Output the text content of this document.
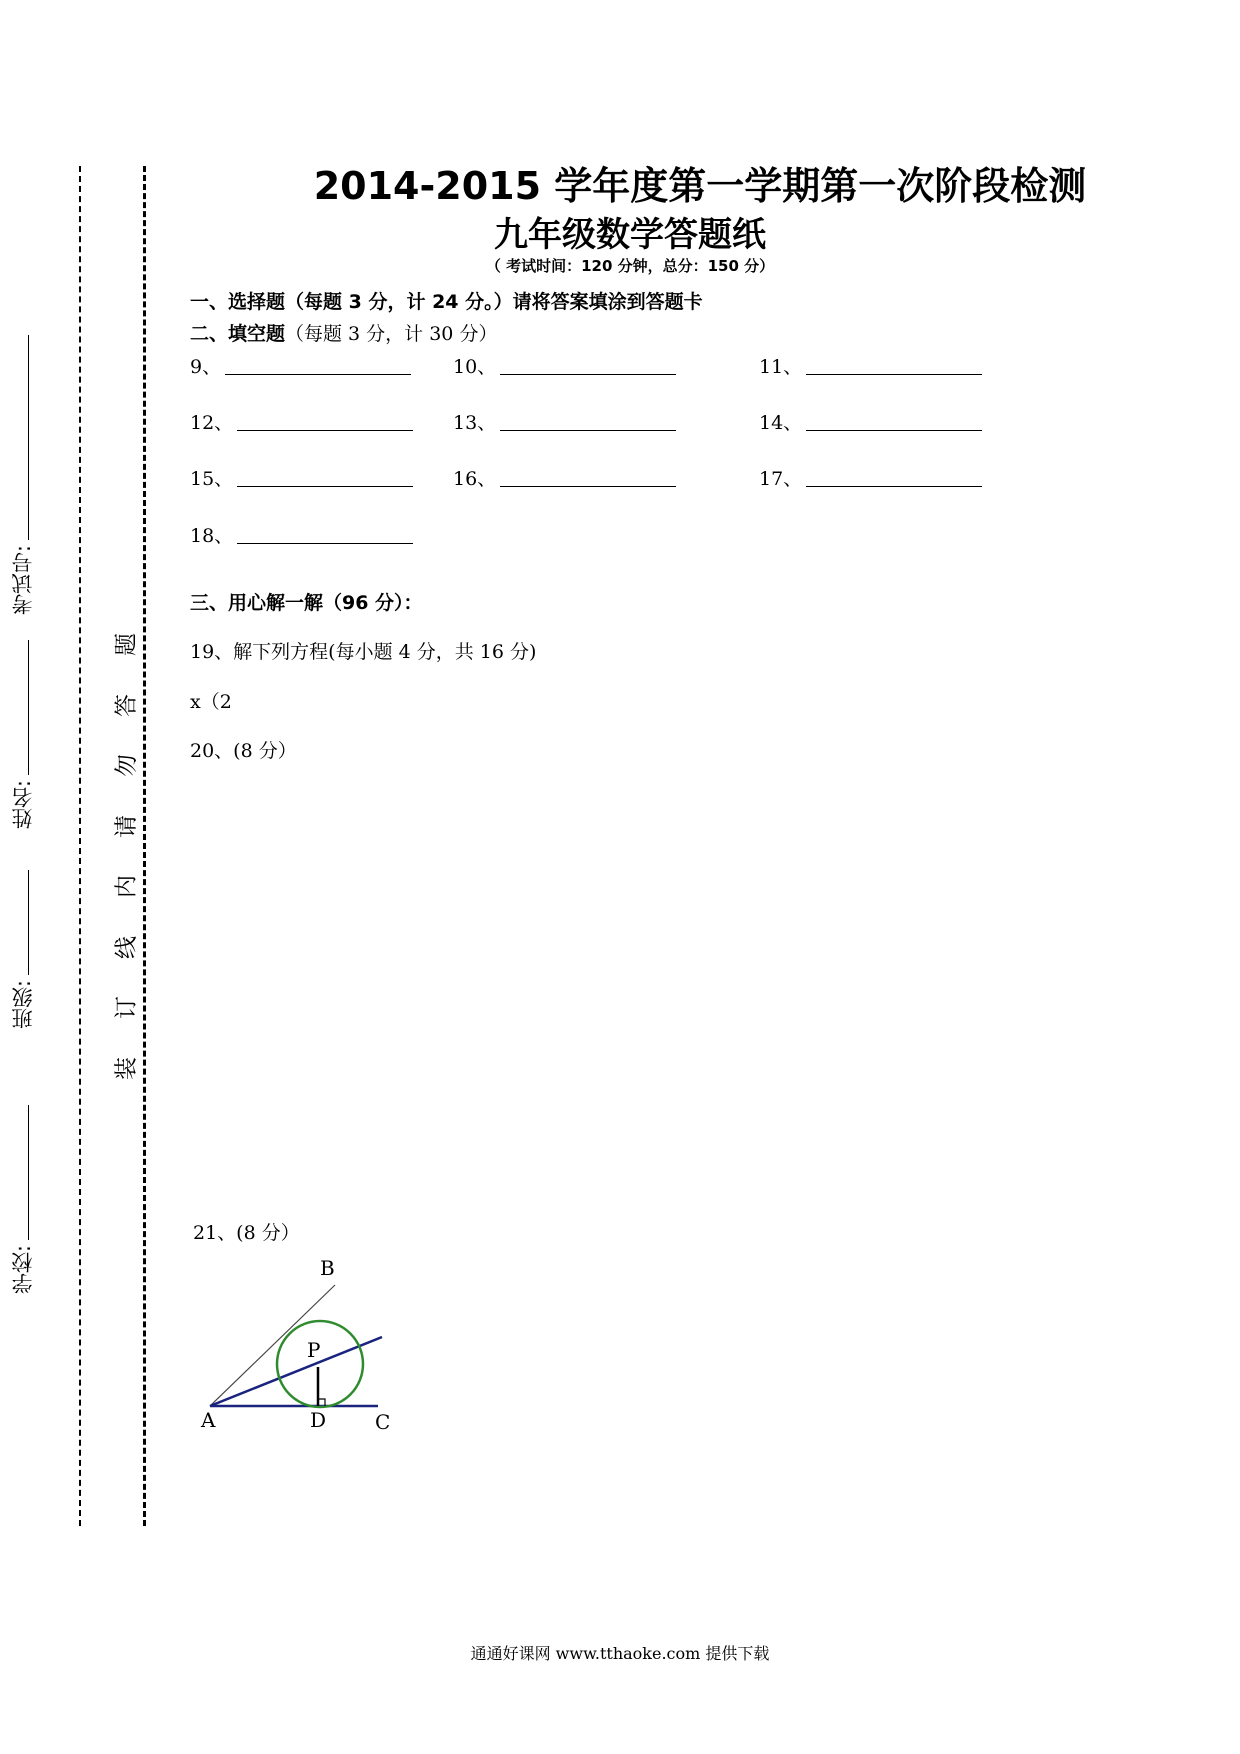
考试号:
姓名:
班级:
学校:
题
答
勿
请
内
线
订
装
2014-2015 学年度第一学期第一次阶段检测
九年级数学答题纸
（ 考试时间：120 分钟，总分：150 分）
一、选择题（每题 3 分，计 24 分。）请将答案填涂到答题卡
二、填空题（每题 3 分，计 30 分）
9、	10、	11、
12、	13、	14、
15、	16、	17、
18、
三、用心解一解（96 分）：
19、解下列方程(每小题 4 分，共 16 分)
x（2
20、(8 分）
21、(8 分）
B
P
A	D C
通通好课网 www.tthaoke.com 提供下载
